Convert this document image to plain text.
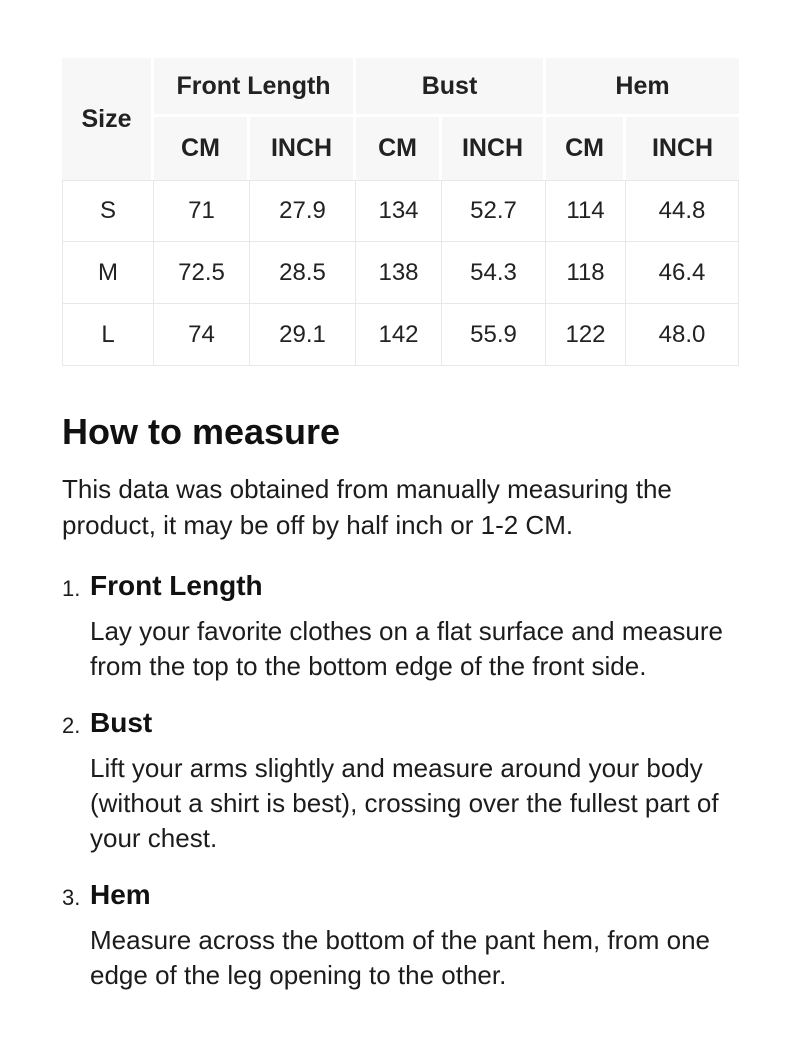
Size	Front Length		Bust		Hem	
	CM	INCH	CM	INCH	CM	INCH
S	71	27.9	134	52.7	114	44.8
M	72.5	28.5	138	54.3	118	46.4
L	74	29.1	142	55.9	122	48.0
How to measure

This data was obtained from manually measuring the product, it may be off by half inch or 1-2 CM.

1. Front Length
Lay your favorite clothes on a flat surface and measure from the top to the bottom edge of the front side.
2. Bust
Lift your arms slightly and measure around your body (without a shirt is best), crossing over the fullest part of your chest.
3. Hem
Measure across the bottom of the pant hem, from one edge of the leg opening to the other.
